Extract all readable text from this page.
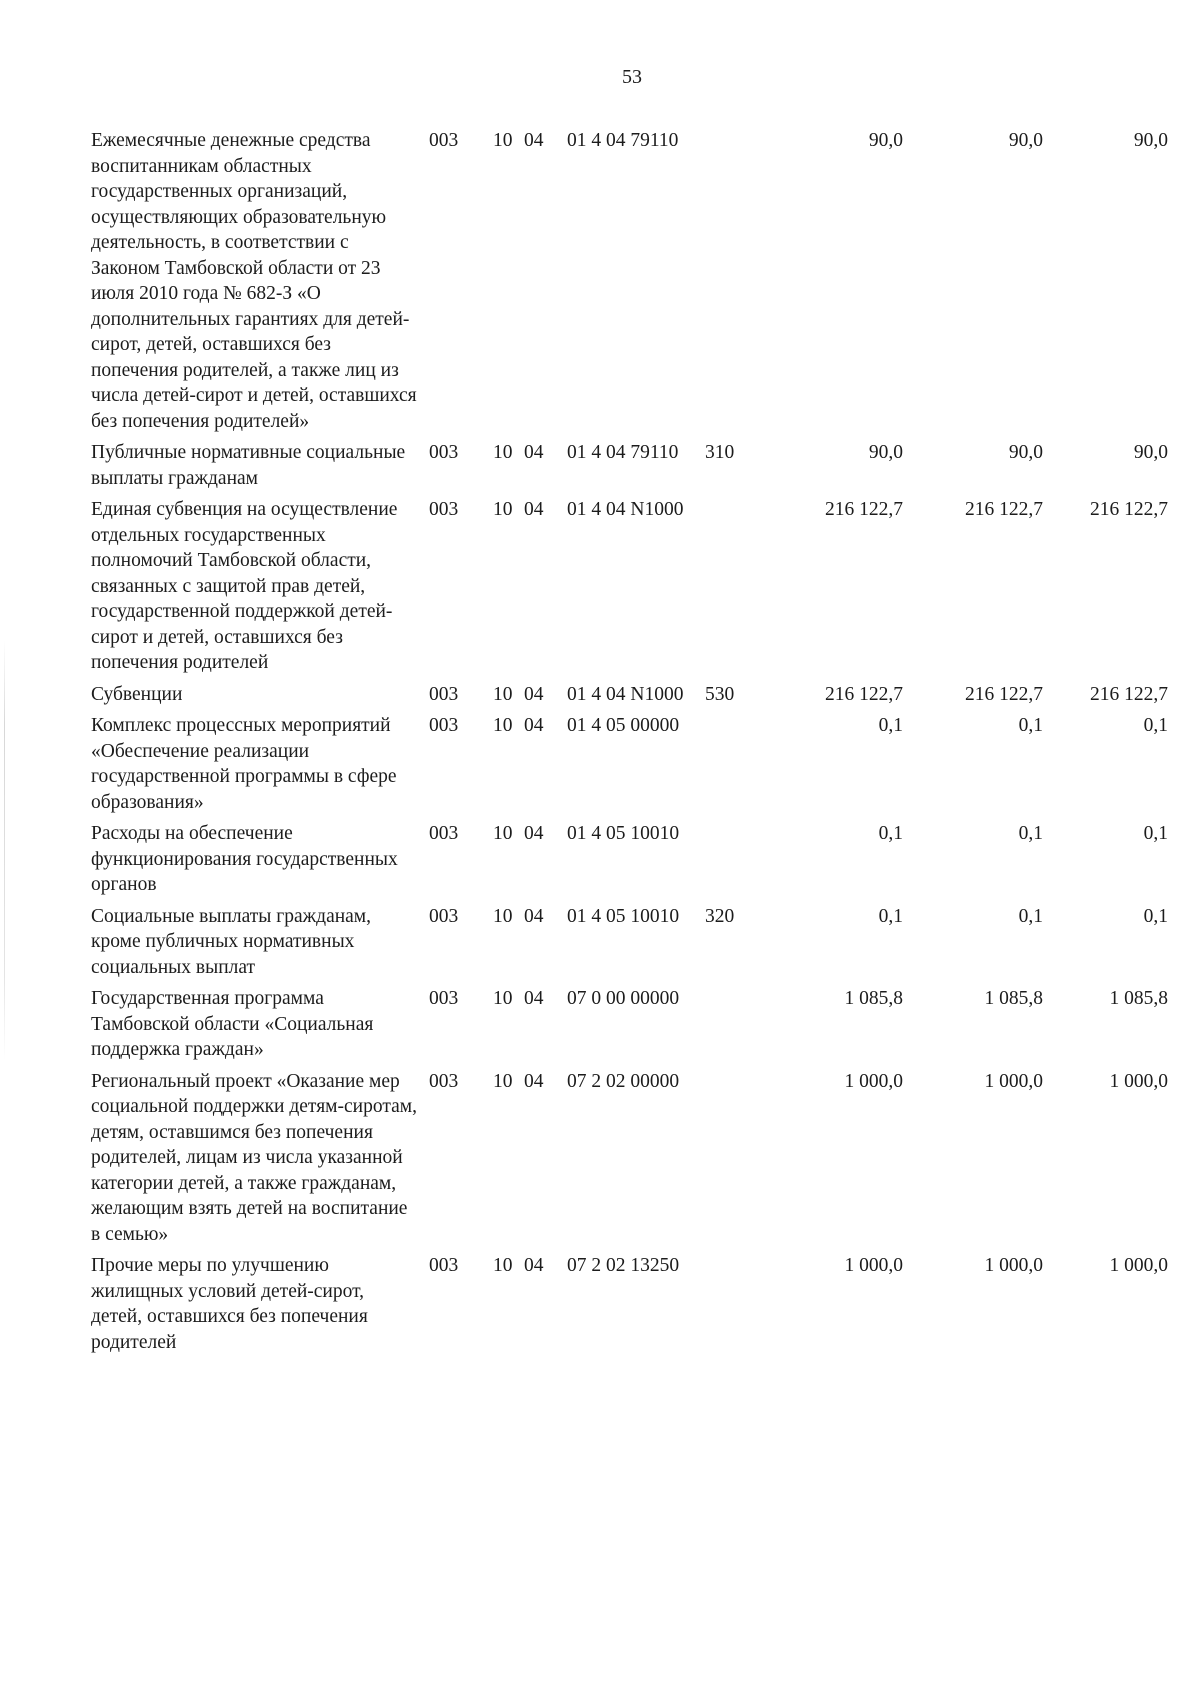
53
Ежемесячные денежные средства воспитанникам областных государственных организаций, осуществляющих образовательную деятельность, в соответствии с Законом Тамбовской области от 23 июля 2010 года № 682-З «О дополнительных гарантиях для детей-сирот, детей, оставшихся без попечения родителей, а также лиц из числа детей-сирот и детей, оставшихся без попечения родителей»	003	10	04	01 4 04 79110		90,0	90,0	90,0
Публичные нормативные социальные выплаты гражданам	003	10	04	01 4 04 79110	310	90,0	90,0	90,0
Единая субвенция на осуществление отдельных государственных полномочий Тамбовской области, связанных с защитой прав детей, государственной поддержкой детей-сирот и детей, оставшихся без попечения родителей	003	10	04	01 4 04 N1000		216 122,7	216 122,7	216 122,7
Субвенции	003	10	04	01 4 04 N1000	530	216 122,7	216 122,7	216 122,7
Комплекс процессных мероприятий «Обеспечение реализации государственной программы в сфере образования»	003	10	04	01 4 05 00000		0,1	0,1	0,1
Расходы на обеспечение функционирования государственных органов	003	10	04	01 4 05 10010		0,1	0,1	0,1
Социальные выплаты гражданам, кроме публичных нормативных социальных выплат	003	10	04	01 4 05 10010	320	0,1	0,1	0,1
Государственная программа Тамбовской области «Социальная поддержка граждан»	003	10	04	07 0 00 00000		1 085,8	1 085,8	1 085,8
Региональный проект «Оказание мер социальной поддержки детям-сиротам, детям, оставшимся без попечения родителей, лицам из числа указанной категории детей, а также гражданам, желающим взять детей на воспитание в семью»	003	10	04	07 2 02 00000		1 000,0	1 000,0	1 000,0
Прочие меры по улучшению жилищных условий детей-сирот, детей, оставшихся без попечения родителей	003	10	04	07 2 02 13250		1 000,0	1 000,0	1 000,0
